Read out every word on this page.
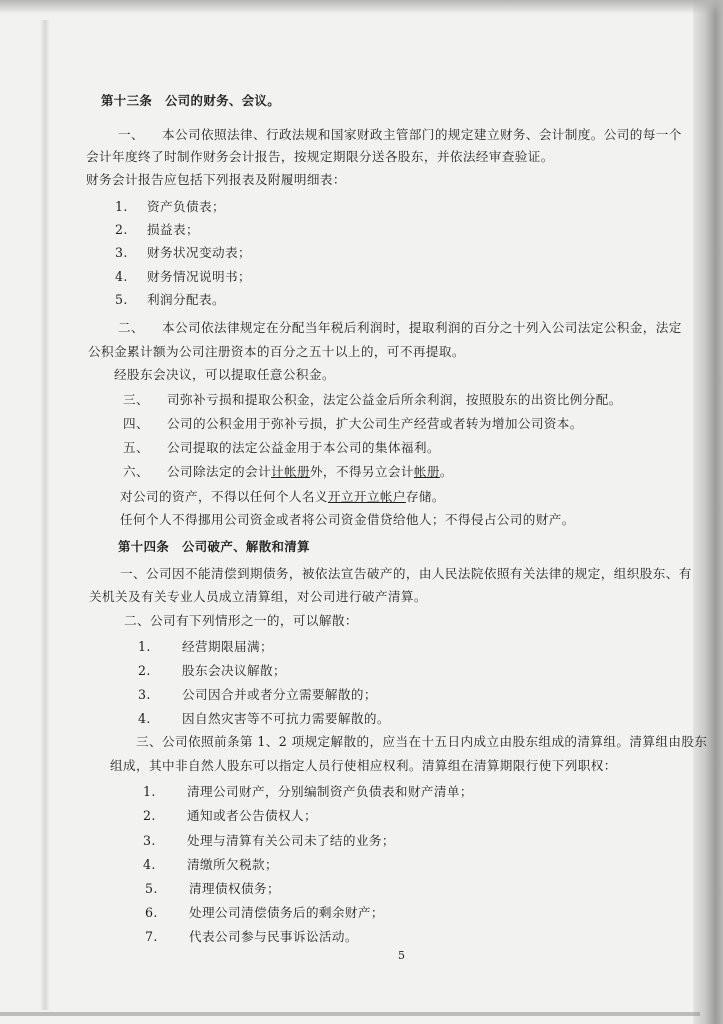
第十三条　公司的财务、会议。
一、 本公司依照法律、行政法规和国家财政主管部门的规定建立财务、会计制度。公司的每一个
会计年度终了时制作财务会计报告，按规定期限分送各股东，并依法经审查验证。
财务会计报告应包括下列报表及附履明细表：
1. 资产负债表；
2. 损益表；
3. 财务状况变动表；
4. 财务情况说明书；
5. 利润分配表。
二、 本公司依法律规定在分配当年税后利润时，提取利润的百分之十列入公司法定公积金，法定
公积金累计额为公司注册资本的百分之五十以上的，可不再提取。
经股东会决议，可以提取任意公积金。
三、 司弥补亏损和提取公积金，法定公益金后所余利润，按照股东的出资比例分配。
四、 公司的公积金用于弥补亏损，扩大公司生产经营或者转为增加公司资本。
五、 公司提取的法定公益金用于本公司的集体福利。
六、 公司除法定的会计计帐册外，不得另立会计帐册。
对公司的资产，不得以任何个人名义开立开立帐户存储。
任何个人不得挪用公司资金或者将公司资金借贷给他人；不得侵占公司的财产。
第十四条　公司破产、解散和清算
一、公司因不能清偿到期债务，被依法宣告破产的，由人民法院依照有关法律的规定，组织股东、有
关机关及有关专业人员成立清算组，对公司进行破产清算。
二、公司有下列情形之一的，可以解散：
1. 经营期限届满；
2. 股东会决议解散；
3. 公司因合并或者分立需要解散的；
4. 因自然灾害等不可抗力需要解散的。
三、公司依照前条第 1、2 项规定解散的，应当在十五日内成立由股东组成的清算组。清算组由股东
组成，其中非自然人股东可以指定人员行使相应权利。清算组在清算期限行使下列职权：
1. 清理公司财产，分别编制资产负债表和财产清单；
2. 通知或者公告债权人；
3. 处理与清算有关公司未了结的业务；
4. 清缴所欠税款；
5. 清理债权债务；
6. 处理公司清偿债务后的剩余财产；
7. 代表公司参与民事诉讼活动。
5
